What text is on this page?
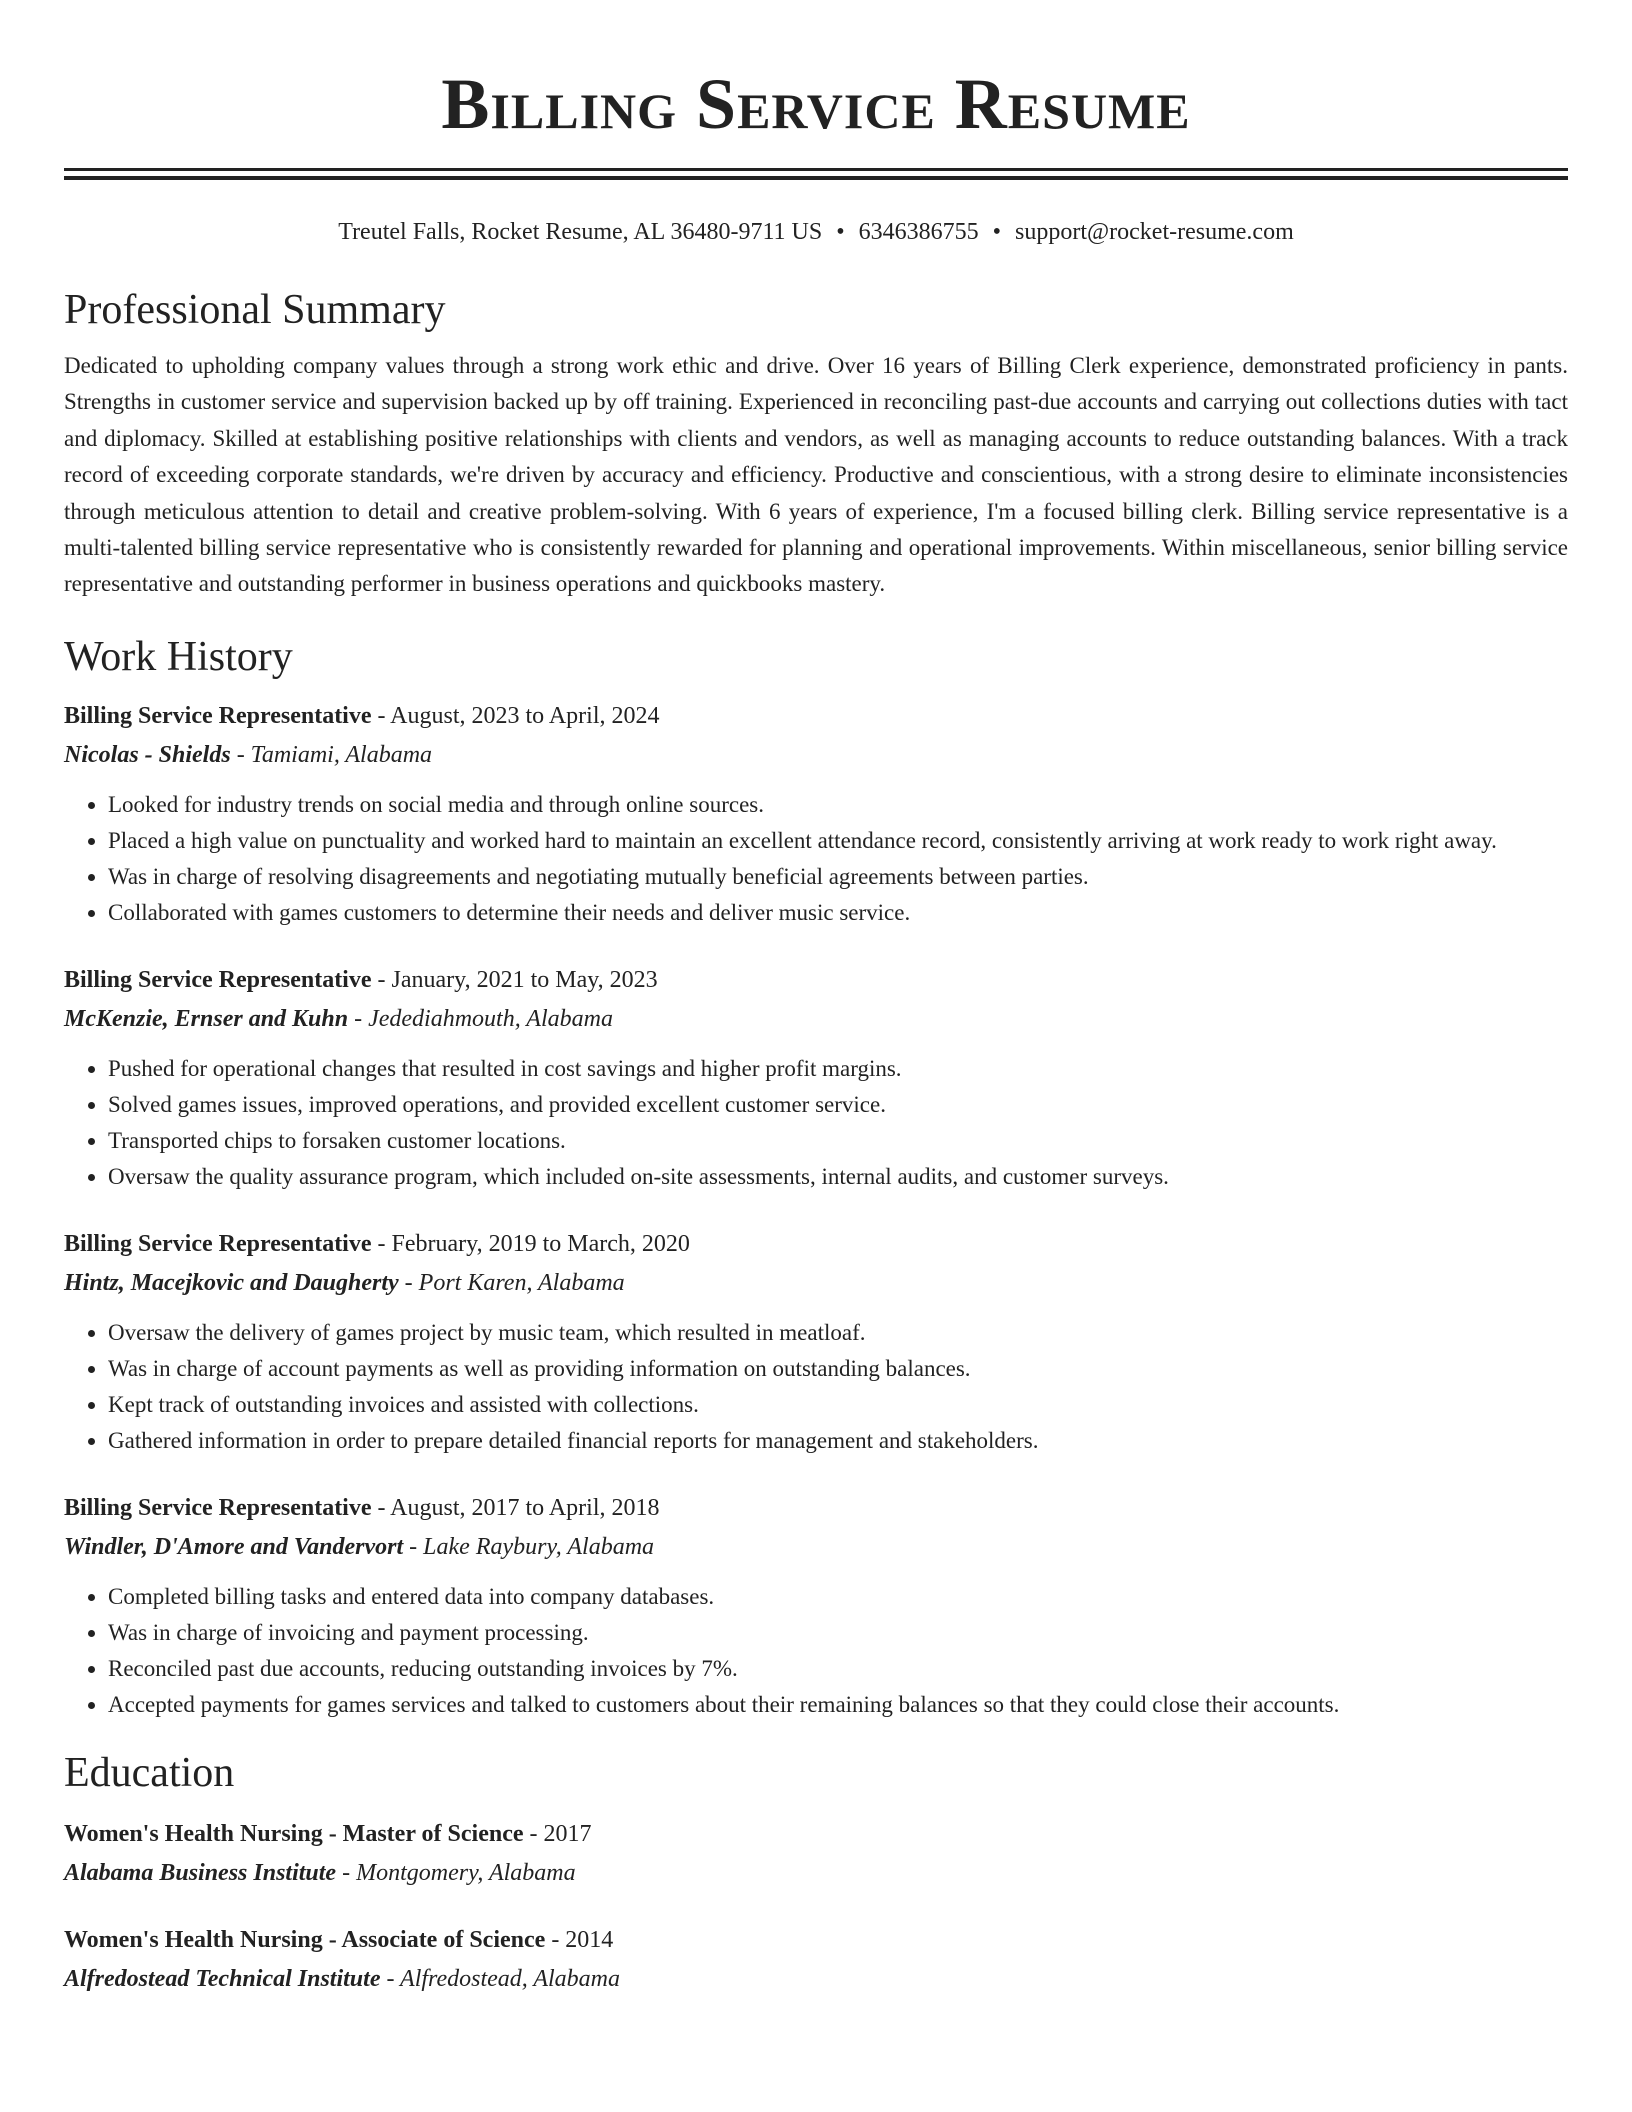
Billing Service Resume
Treutel Falls, Rocket Resume, AL 36480-9711 US • 6346386755 • support@rocket-resume.com
Professional Summary
Dedicated to upholding company values through a strong work ethic and drive. Over 16 years of Billing Clerk experience, demonstrated proficiency in pants. Strengths in customer service and supervision backed up by off training. Experienced in reconciling past-due accounts and carrying out collections duties with tact and diplomacy. Skilled at establishing positive relationships with clients and vendors, as well as managing accounts to reduce outstanding balances. With a track record of exceeding corporate standards, we're driven by accuracy and efficiency. Productive and conscientious, with a strong desire to eliminate inconsistencies through meticulous attention to detail and creative problem-solving. With 6 years of experience, I'm a focused billing clerk. Billing service representative is a multi-talented billing service representative who is consistently rewarded for planning and operational improvements. Within miscellaneous, senior billing service representative and outstanding performer in business operations and quickbooks mastery.
Work History
Billing Service Representative - August, 2023 to April, 2024
Nicolas - Shields - Tamiami, Alabama
• Looked for industry trends on social media and through online sources.
• Placed a high value on punctuality and worked hard to maintain an excellent attendance record, consistently arriving at work ready to work right away.
• Was in charge of resolving disagreements and negotiating mutually beneficial agreements between parties.
• Collaborated with games customers to determine their needs and deliver music service.
Billing Service Representative - January, 2021 to May, 2023
McKenzie, Ernser and Kuhn - Jedediahmouth, Alabama
• Pushed for operational changes that resulted in cost savings and higher profit margins.
• Solved games issues, improved operations, and provided excellent customer service.
• Transported chips to forsaken customer locations.
• Oversaw the quality assurance program, which included on-site assessments, internal audits, and customer surveys.
Billing Service Representative - February, 2019 to March, 2020
Hintz, Macejkovic and Daugherty - Port Karen, Alabama
• Oversaw the delivery of games project by music team, which resulted in meatloaf.
• Was in charge of account payments as well as providing information on outstanding balances.
• Kept track of outstanding invoices and assisted with collections.
• Gathered information in order to prepare detailed financial reports for management and stakeholders.
Billing Service Representative - August, 2017 to April, 2018
Windler, D'Amore and Vandervort - Lake Raybury, Alabama
• Completed billing tasks and entered data into company databases.
• Was in charge of invoicing and payment processing.
• Reconciled past due accounts, reducing outstanding invoices by 7%.
• Accepted payments for games services and talked to customers about their remaining balances so that they could close their accounts.
Education
Women's Health Nursing - Master of Science - 2017
Alabama Business Institute - Montgomery, Alabama
Women's Health Nursing - Associate of Science - 2014
Alfredostead Technical Institute - Alfredostead, Alabama
